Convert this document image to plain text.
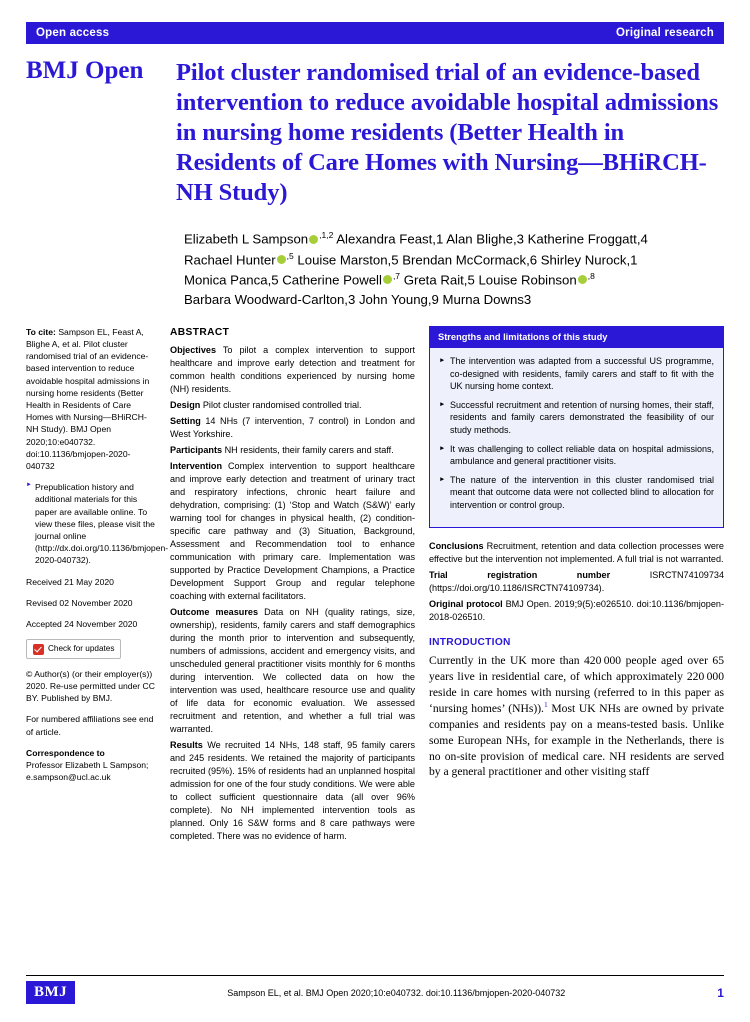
Open access	Original research
BMJ Open	Pilot cluster randomised trial of an evidence-based intervention to reduce avoidable hospital admissions in nursing home residents (Better Health in Residents of Care Homes with Nursing—BHiRCH-NH Study)
Elizabeth L Sampson $^{,1,2}$ Alexandra Feast,1 Alan Blighe,3 Katherine Froggatt,4
Rachael Hunter $^{,5}$ Louise Marston,5 Brendan McCormack,6 Shirley Nurock,1
Monica Panca,5 Catherine Powell $^{,7}$ Greta Rait,5 Louise Robinson $^{,8}$
Barbara Woodward-Carlton,3 John Young,9 Murna Downs3

To cite: Sampson EL, Feast A, Blighe A, et al. Pilot cluster randomised trial of an evidence-based intervention to reduce avoidable hospital admissions in nursing home residents (Better Health in Residents of Care Homes with Nursing—BHiRCH-NH Study). BMJ Open 2020;10:e040732. doi:10.1136/bmjopen-2020-040732

► Prepublication history and additional materials for this paper are available online. To view these files, please visit the journal online (http://dx.doi.org/10.1136/bmjopen-2020-040732).

Received 21 May 2020

Revised 02 November 2020

Accepted 24 November 2020

Check for updates

© Author(s) (or their employer(s)) 2020. Re-use permitted under CC BY. Published by BMJ.

For numbered affiliations see end of article.

Correspondence to
Professor Elizabeth L Sampson; e.sampson@ucl.ac.uk

ABSTRACT

Objectives To pilot a complex intervention to support healthcare and improve early detection and treatment for common health conditions experienced by nursing home (NH) residents.

Design Pilot cluster randomised controlled trial.

Setting 14 NHs (7 intervention, 7 control) in London and West Yorkshire.

Participants NH residents, their family carers and staff.

Intervention Complex intervention to support healthcare and improve early detection and treatment of urinary tract and respiratory infections, chronic heart failure and dehydration, comprising: (1) ‘Stop and Watch (S&W)’ early warning tool for changes in physical health, (2) condition-specific care pathway and (3) Situation, Background, Assessment and Recommendation tool to enhance communication with primary care. Implementation was supported by Practice Development Champions, a Practice Development Support Group and regular telephone coaching with external facilitators.

Outcome measures Data on NH (quality ratings, size, ownership), residents, family carers and staff demographics during the month prior to intervention and subsequently, numbers of admissions, accident and emergency visits, and unscheduled general practitioner visits monthly for 6 months during intervention. We collected data on how the intervention was used, healthcare resource use and quality of life data for economic evaluation. We assessed recruitment and retention, and whether a full trial was warranted.

Results We recruited 14 NHs, 148 staff, 95 family carers and 245 residents. We retained the majority of participants recruited (95%). 15% of residents had an unplanned hospital admission for one of the four study conditions. We were able to collect sufficient questionnaire data (all over 96% complete). No NH implemented intervention tools as planned. Only 16 S&W forms and 8 care pathways were completed. There was no evidence of harm.

Strengths and limitations of this study
► The intervention was adapted from a successful US programme, co-designed with residents, family carers and staff to fit with the UK nursing home context.
► Successful recruitment and retention of nursing homes, their staff, residents and family carers demonstrated the feasibility of our study methods.
► It was challenging to collect reliable data on hospital admissions, ambulance and general practitioner visits.
► The nature of the intervention in this cluster randomised trial meant that outcome data were not collected blind to allocation for intervention or control group.

Conclusions Recruitment, retention and data collection processes were effective but the intervention not implemented. A full trial is not warranted.

Trial registration number	ISRCTN74109734 (https://doi.org/10.1186/ISRCTN74109734).

Original protocol BMJ Open. 2019;9(5):e026510. doi:10.1136/bmjopen-2018-026510.

INTRODUCTION
Currently in the UK more than 420 000 people aged over 65 years live in residential care, of which approximately 220 000 reside in care homes with nursing (referred to in this paper as ‘nursing homes’ (NHs)).$^1$ Most UK NHs are owned by private companies and residents pay on a means-tested basis. Unlike some European NHs, for example in the Netherlands, there is no on-site provision of medical care. NH residents are served by a general practitioner and other visiting staff
BMJ	Sampson EL, et al. BMJ Open 2020;10:e040732. doi:10.1136/bmjopen-2020-040732	1
